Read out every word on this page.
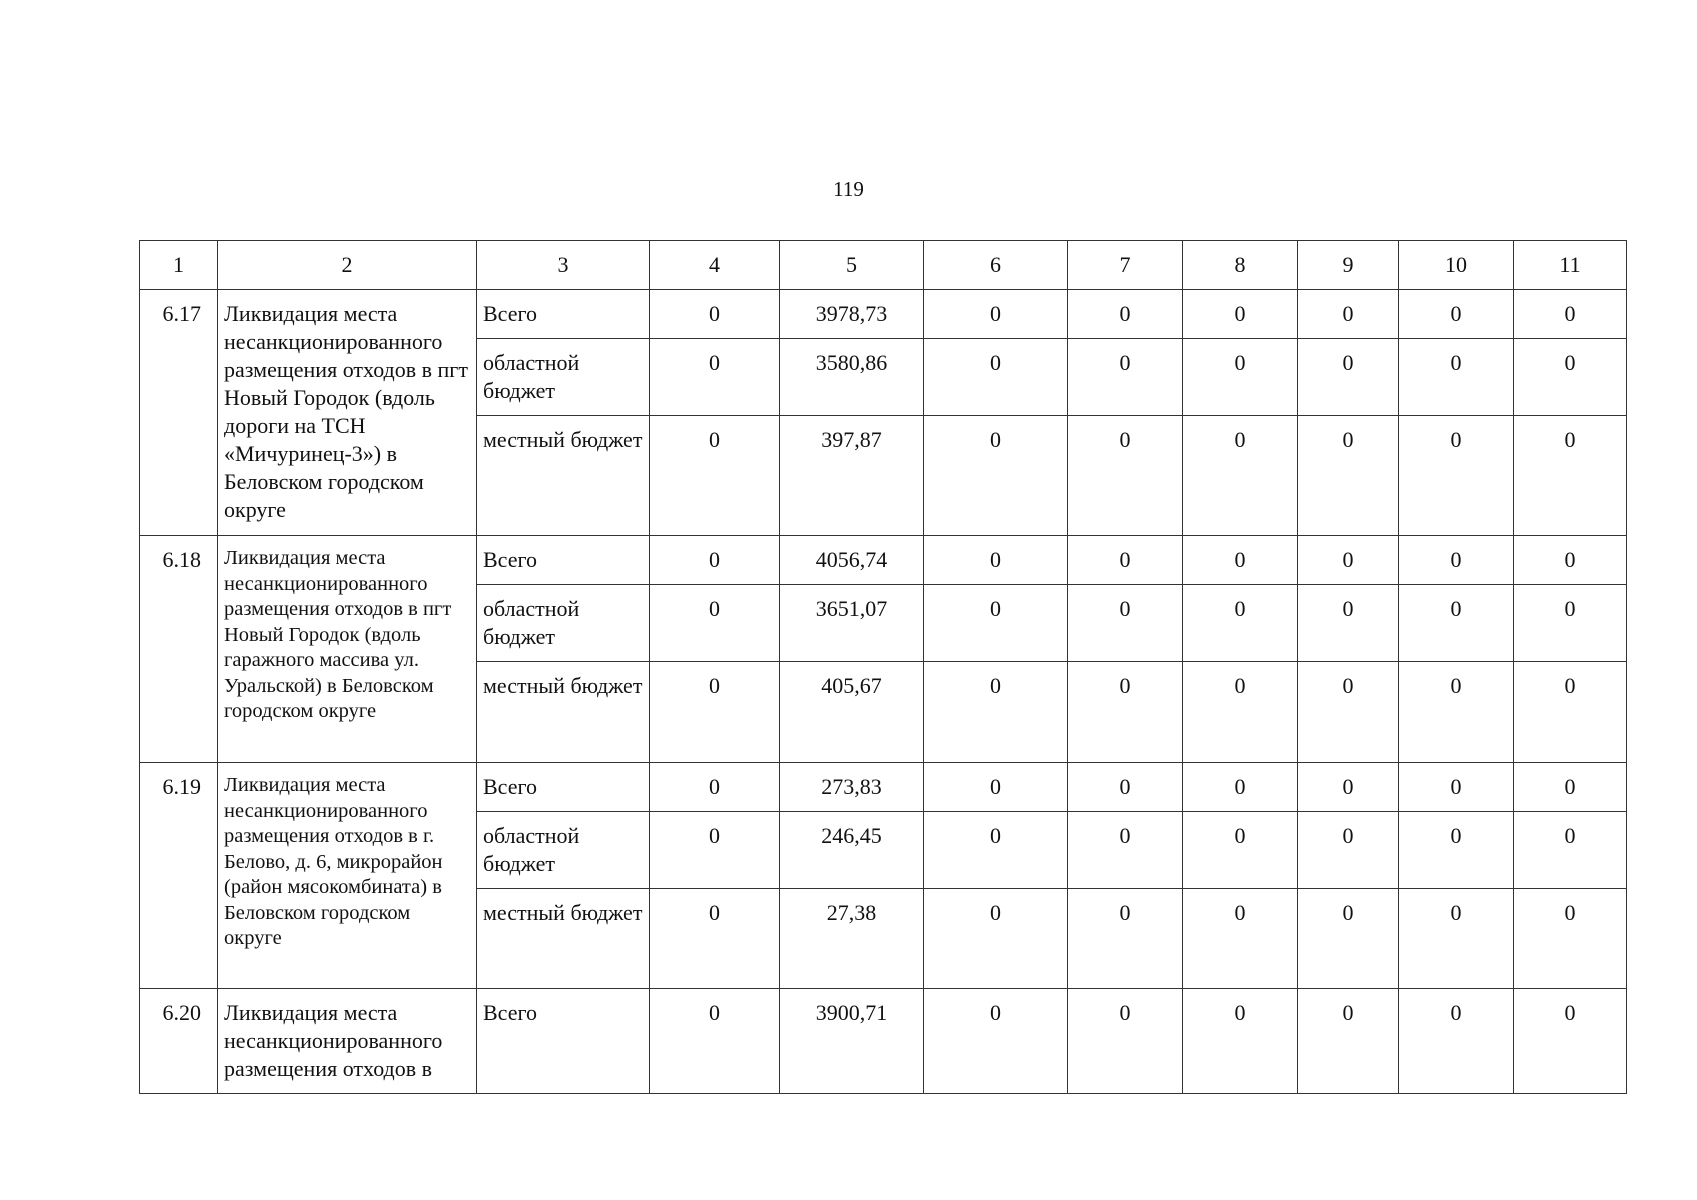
119
1	2	3	4	5	6	7	8	9	10	11
6.17	Ликвидация места несанкционированного размещения отходов в пгт Новый Городок (вдоль дороги на ТСН «Мичуринец-3») в Беловском городском округе	Всего	0	3978,73	0	0	0	0	0	0
		областной бюджет	0	3580,86	0	0	0	0	0	0
		местный бюджет	0	397,87	0	0	0	0	0	0
6.18	Ликвидация места несанкционированного размещения отходов в пгт Новый Городок (вдоль гаражного массива ул. Уральской) в Беловском городском округе	Всего	0	4056,74	0	0	0	0	0	0
		областной бюджет	0	3651,07	0	0	0	0	0	0
		местный бюджет	0	405,67	0	0	0	0	0	0
6.19	Ликвидация места несанкционированного размещения отходов в г. Белово, д. 6, микрорайон (район мясокомбината) в Беловском городском округе	Всего	0	273,83	0	0	0	0	0	0
		областной бюджет	0	246,45	0	0	0	0	0	0
		местный бюджет	0	27,38	0	0	0	0	0	0
6.20	Ликвидация места несанкционированного размещения отходов в	Всего	0	3900,71	0	0	0	0	0	0
